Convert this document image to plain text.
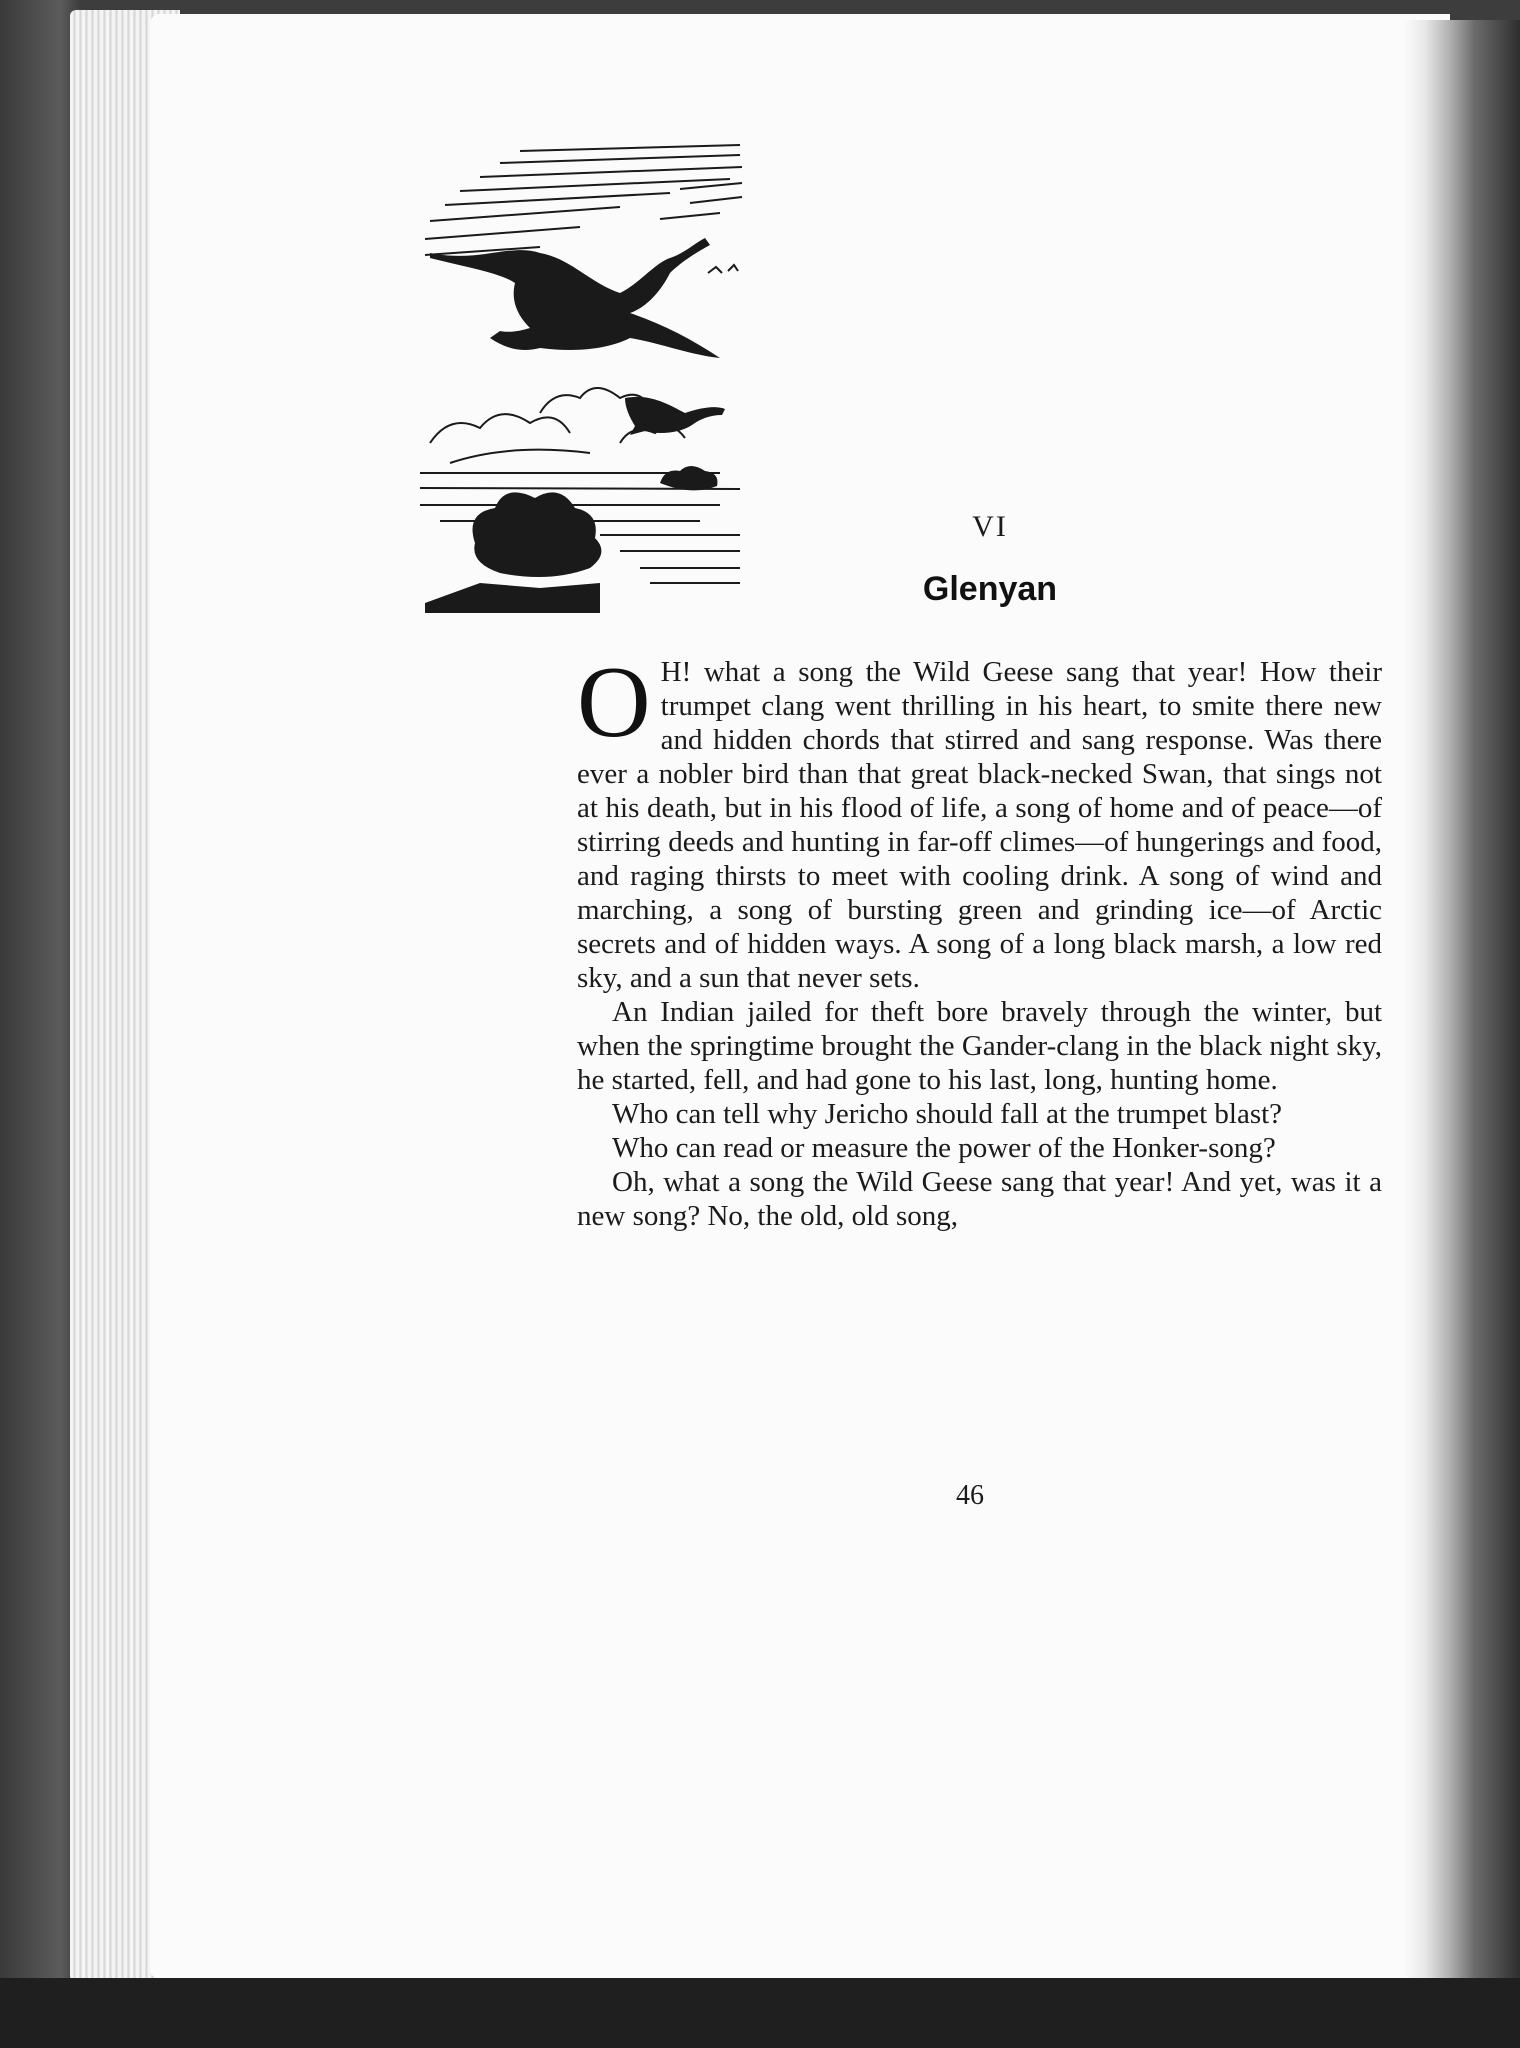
VI
Glenyan

O H! what a song the Wild Geese sang that year! How their trumpet clang went thrilling in his heart, to smite there new and hidden chords that stirred and sang response. Was there ever a nobler bird than that great black-necked Swan, that sings not at his death, but in his flood of life, a song of home and of peace—of stirring deeds and hunting in far-off climes—of hungerings and food, and raging thirsts to meet with cooling drink. A song of wind and marching, a song of bursting green and grinding ice—of Arctic secrets and of hidden ways. A song of a long black marsh, a low red sky, and a sun that never sets.

An Indian jailed for theft bore bravely through the winter, but when the springtime brought the Gander-clang in the black night sky, he started, fell, and had gone to his last, long, hunting home.

Who can tell why Jericho should fall at the trumpet blast?

Who can read or measure the power of the Honker-song?

Oh, what a song the Wild Geese sang that year! And yet, was it a new song? No, the old, old song,

46
